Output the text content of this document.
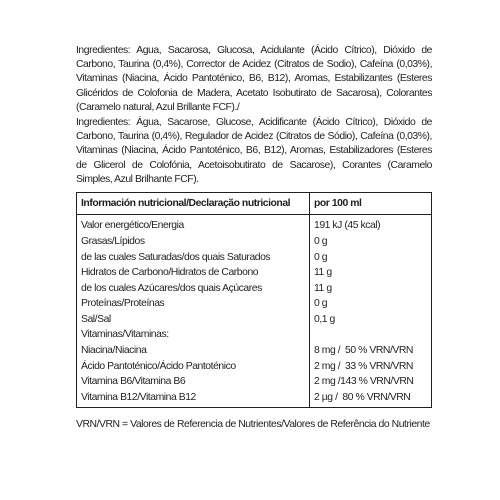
Ingredientes: Agua, Sacarosa, Glucosa, Acidulante (Ácido Cítrico), Dióxido de Carbono, Taurina (0,4%), Corrector de Acidez (Citratos de Sodio), Cafeína (0,03%), Vitaminas (Niacina, Ácido Pantoténico, B6, B12), Aromas, Estabilizantes (Esteres Glicéridos de Colofonia de Madera, Acetato Isobutirato de Sacarosa), Colorantes (Caramelo natural, Azul Brillante FCF)./

Ingredientes: Água, Sacarose, Glucose, Acidificante (Ácido Cítrico), Dióxido de Carbono, Taurina (0,4%), Regulador de Acidez (Citratos de Sódio), Cafeína (0,03%), Vitaminas (Niacina, Ácido Pantoténico, B6, B12), Aromas, Estabilizadores (Esteres de Glicerol de Colofónia, Acetoisobutirato de Sacarose), Corantes (Caramelo Simples, Azul Brilhante FCF).

Información nutricional/Declaração nutricional	por 100 ml
Valor energético/Energia	191 kJ (45 kcal)
Grasas/Lípidos	0 g
de las cuales Saturadas/dos quais Saturados	0 g
Hidratos de Carbono/Hidratos de Carbono	11 g
de los cuales Azúcares/dos quais Açúcares	11 g
Proteínas/Proteínas	0 g
Sal/Sal	0,1 g
Vitaminas/Vitaminas:	
Niacina/Niacina	8 mg /  50 % VRN/VRN
Ácido Pantoténico/Ácido Pantoténico	2 mg /  33 % VRN/VRN
Vitamina B6/Vitamina B6	2 mg /143 % VRN/VRN
Vitamina B12/Vitamina B12	2 µg /  80 % VRN/VRN
VRN/VRN = Valores de Referencia de Nutrientes/Valores de Referência do Nutriente
